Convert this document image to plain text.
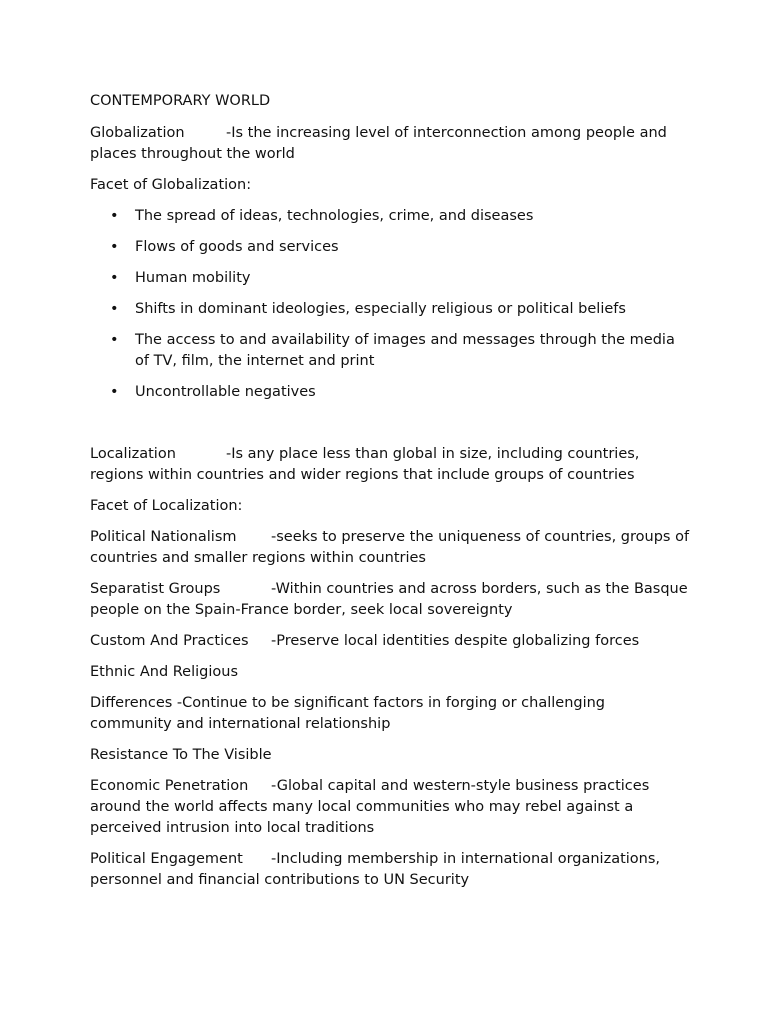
CONTEMPORARY WORLD

Globalization	-Is the increasing level of interconnection among people and places throughout the world

Facet of Globalization:

• The spread of ideas, technologies, crime, and diseases
• Flows of goods and services
• Human mobility
• Shifts in dominant ideologies, especially religious or political beliefs
• The access to and availability of images and messages through the media of TV, film, the internet and print
• Uncontrollable negatives

Localization	-Is any place less than global in size, including countries, regions within countries and wider regions that include groups of countries

Facet of Localization:

Political Nationalism -seeks to preserve the uniqueness of countries, groups of countries and smaller regions within countries

Separatist Groups	-Within countries and across borders, such as the Basque people on the Spain-France border, seek local sovereignty

Custom And Practices -Preserve local identities despite globalizing forces

Ethnic And Religious

Differences -Continue to be significant factors in forging or challenging community and international relationship

Resistance To The Visible

Economic Penetration -Global capital and western-style business practices around the world affects many local communities who may rebel against a perceived intrusion into local traditions

Political Engagement -Including membership in international organizations, personnel and financial contributions to UN Security
